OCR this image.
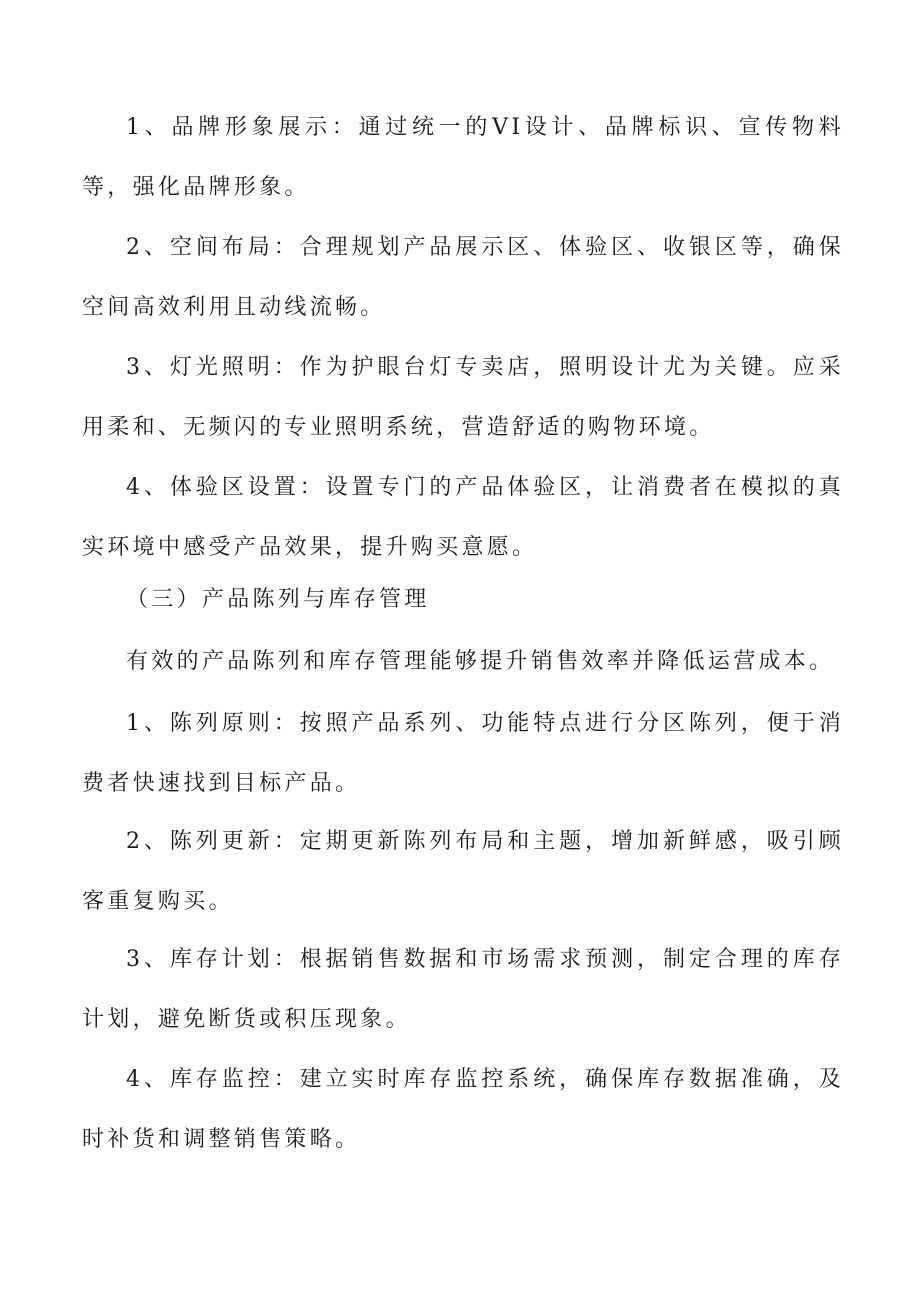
1、品牌形象展示：通过统一的VI设计、品牌标识、宣传物料等，强化品牌形象。

2、空间布局：合理规划产品展示区、体验区、收银区等，确保空间高效利用且动线流畅。

3、灯光照明：作为护眼台灯专卖店，照明设计尤为关键。应采用柔和、无频闪的专业照明系统，营造舒适的购物环境。

4、体验区设置：设置专门的产品体验区，让消费者在模拟的真实环境中感受产品效果，提升购买意愿。

（三）产品陈列与库存管理

有效的产品陈列和库存管理能够提升销售效率并降低运营成本。

1、陈列原则：按照产品系列、功能特点进行分区陈列，便于消费者快速找到目标产品。

2、陈列更新：定期更新陈列布局和主题，增加新鲜感，吸引顾客重复购买。

3、库存计划：根据销售数据和市场需求预测，制定合理的库存计划，避免断货或积压现象。

4、库存监控：建立实时库存监控系统，确保库存数据准确，及时补货和调整销售策略。
